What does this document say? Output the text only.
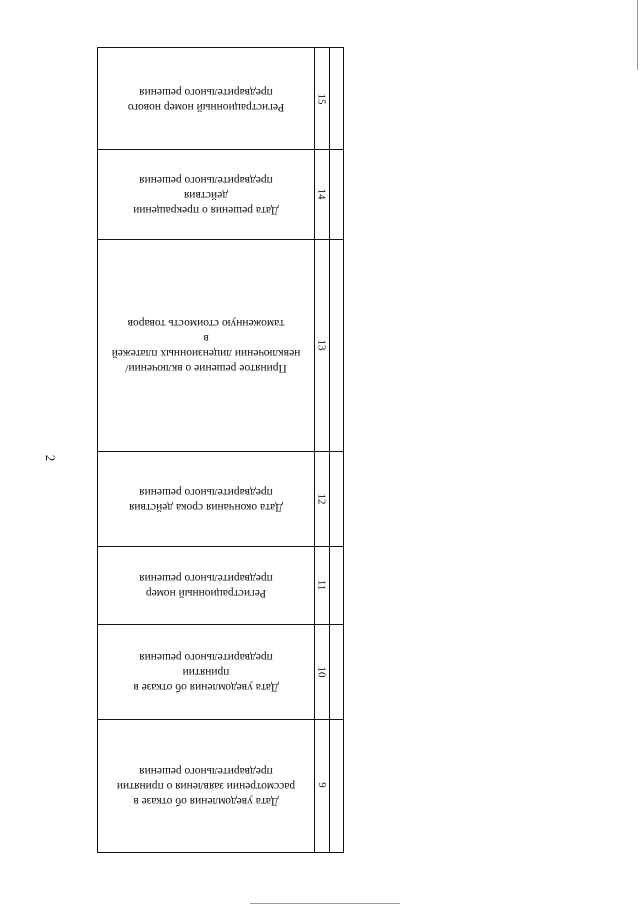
2
Регистрационный номер нового
предварительного решения
15
Дата решения о прекращении действия
предварительного решения
14
Принятое решение о включении/
невключении лицензионных платежей в
таможенную стоимость товаров
13
Дата окончания срока действия
предварительного решения
12
Регистрационный номер
предварительного решения
11
Дата уведомления об отказе в принятии
предварительного решения
10
Дата уведомления об отказе в
рассмотрении заявления о принятии
предварительного решения
9
